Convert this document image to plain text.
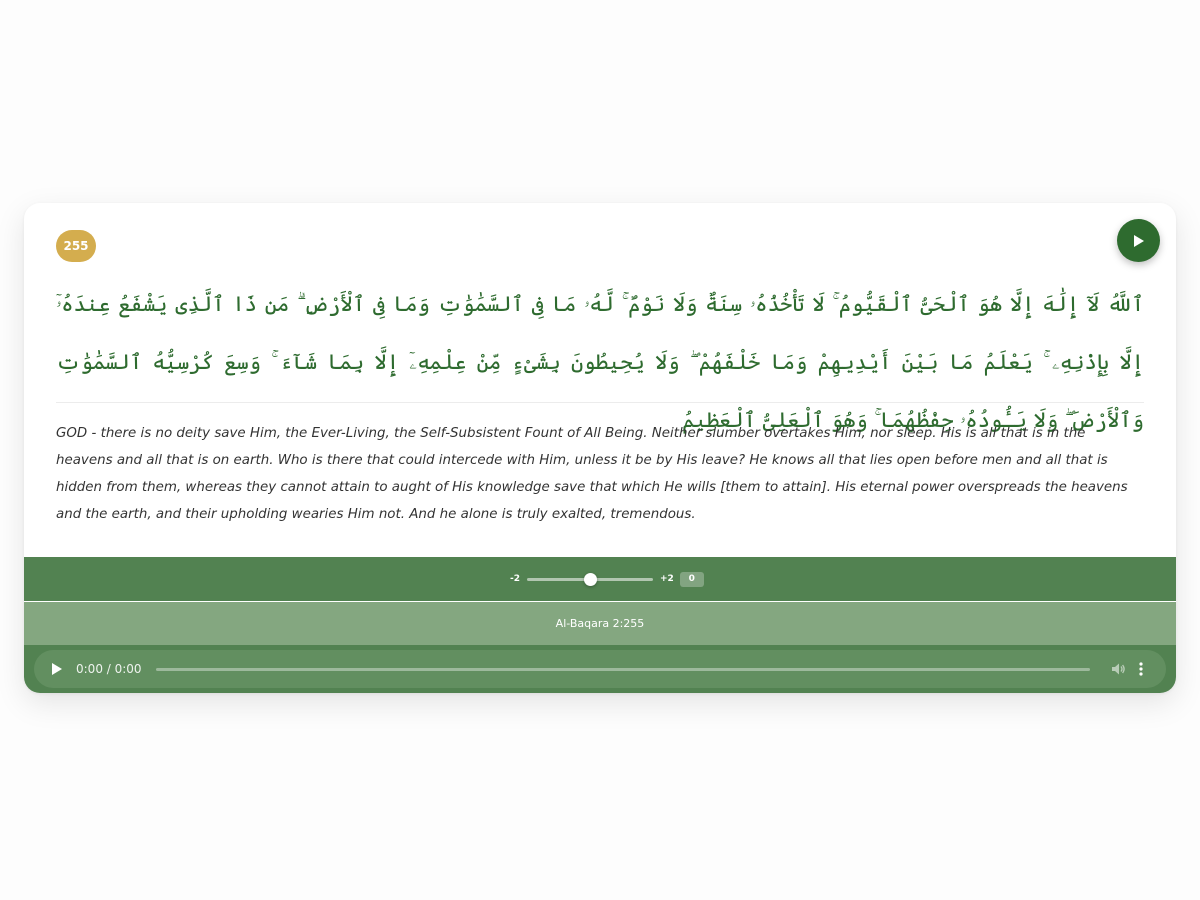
255

ٱللَّهُ لَآ إِلَٰهَ إِلَّا هُوَ ٱلْحَىُّ ٱلْقَيُّومُ ۚ لَا تَأْخُذُهُۥ سِنَةٌ وَلَا نَوْمٌ ۚ لَّهُۥ مَا فِى ٱلسَّمَٰوَٰتِ وَمَا فِى ٱلْأَرْضِ ۗ مَن ذَا ٱلَّذِى يَشْفَعُ عِندَهُۥٓ إِلَّا بِإِذْنِهِۦ ۚ يَعْلَمُ مَا بَيْنَ أَيْدِيهِمْ وَمَا خَلْفَهُمْ ۖ وَلَا يُحِيطُونَ بِشَىْءٍ مِّنْ عِلْمِهِۦٓ إِلَّا بِمَا شَآءَ ۚ وَسِعَ كُرْسِيُّهُ ٱلسَّمَٰوَٰتِ وَٱلْأَرْضَ ۖ وَلَا يَـُٔودُهُۥ حِفْظُهُمَا ۚ وَهُوَ ٱلْعَلِىُّ ٱلْعَظِيمُ

GOD - there is no deity save Him, the Ever-Living, the Self-Subsistent Fount of All Being. Neither slumber overtakes Him, nor sleep. His is all that is in the heavens and all that is on earth. Who is there that could intercede with Him, unless it be by His leave? He knows all that lies open before men and all that is hidden from them, whereas they cannot attain to aught of His knowledge save that which He wills [them to attain]. His eternal power overspreads the heavens and the earth, and their upholding wearies Him not. And he alone is truly exalted, tremendous.

-2	+2	0
Al-Baqara 2:255
0:00 / 0:00
